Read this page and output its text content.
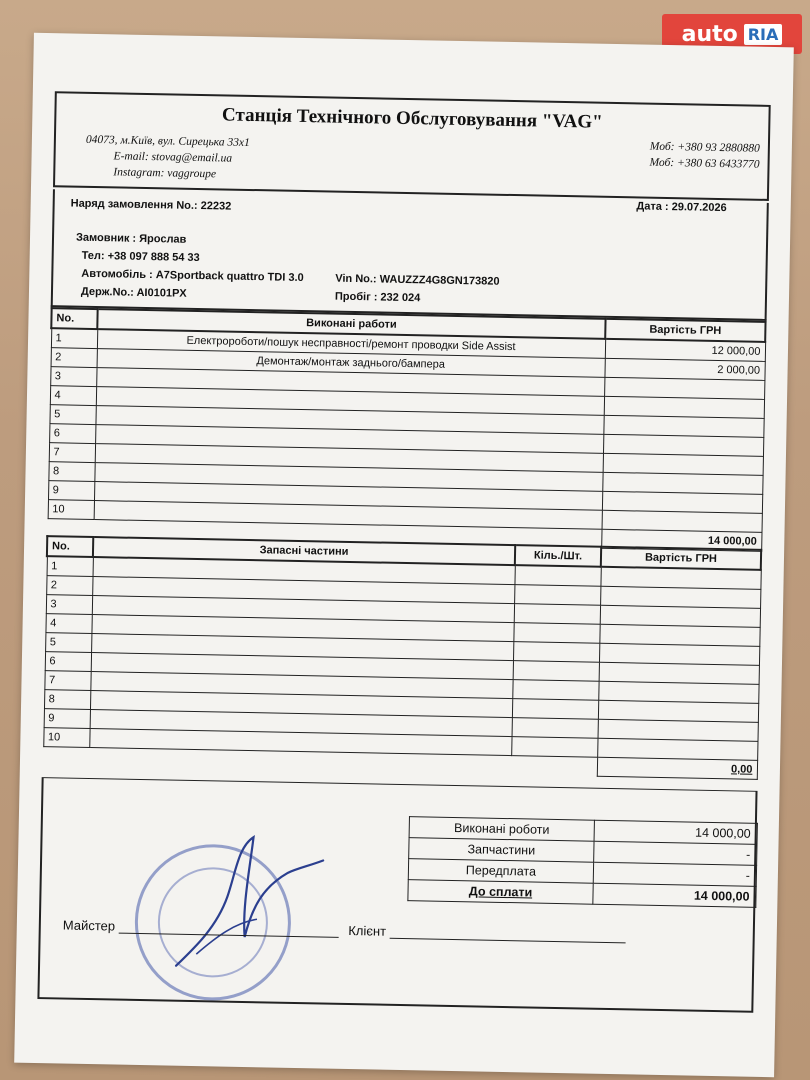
auto RIA
Станція Технічного Обслуговування "VAG"
04073, м.Київ, вул. Сирецька 33х1
E-mail: stovag@email.ua
Instagram: vaggroupe
Моб: +380 93 2880880
Моб: +380 63 6433770
Наряд замовлення No.: 22232	Дата : 29.07.2026
Замовник : Ярослав
Тел: +38 097 888 54 33
Автомобіль : A7Sportback quattro TDI 3.0	Vin No.: WAUZZZ4G8GN173820
Держ.No.: AI0101PX	Пробіг : 232 024
No.	Виконані работи	Вартість ГРН
1	Електророботи/пошук несправності/ремонт проводки Side Assist	12 000,00
2	Демонтаж/монтаж заднього/бампера	2 000,00
3		
4		
5		
6		
7		
8		
9		
10		
		14 000,00
No.	Запасні частини	Кіль./Шт.	Вартість ГРН
1			
2			
3			
4			
5			
6			
7			
8			
9			
10			
			0,00
Виконані роботи	14 000,00
Запчастини	-
Передплата	-
До сплати	14 000,00
Майстер	Клієнт
